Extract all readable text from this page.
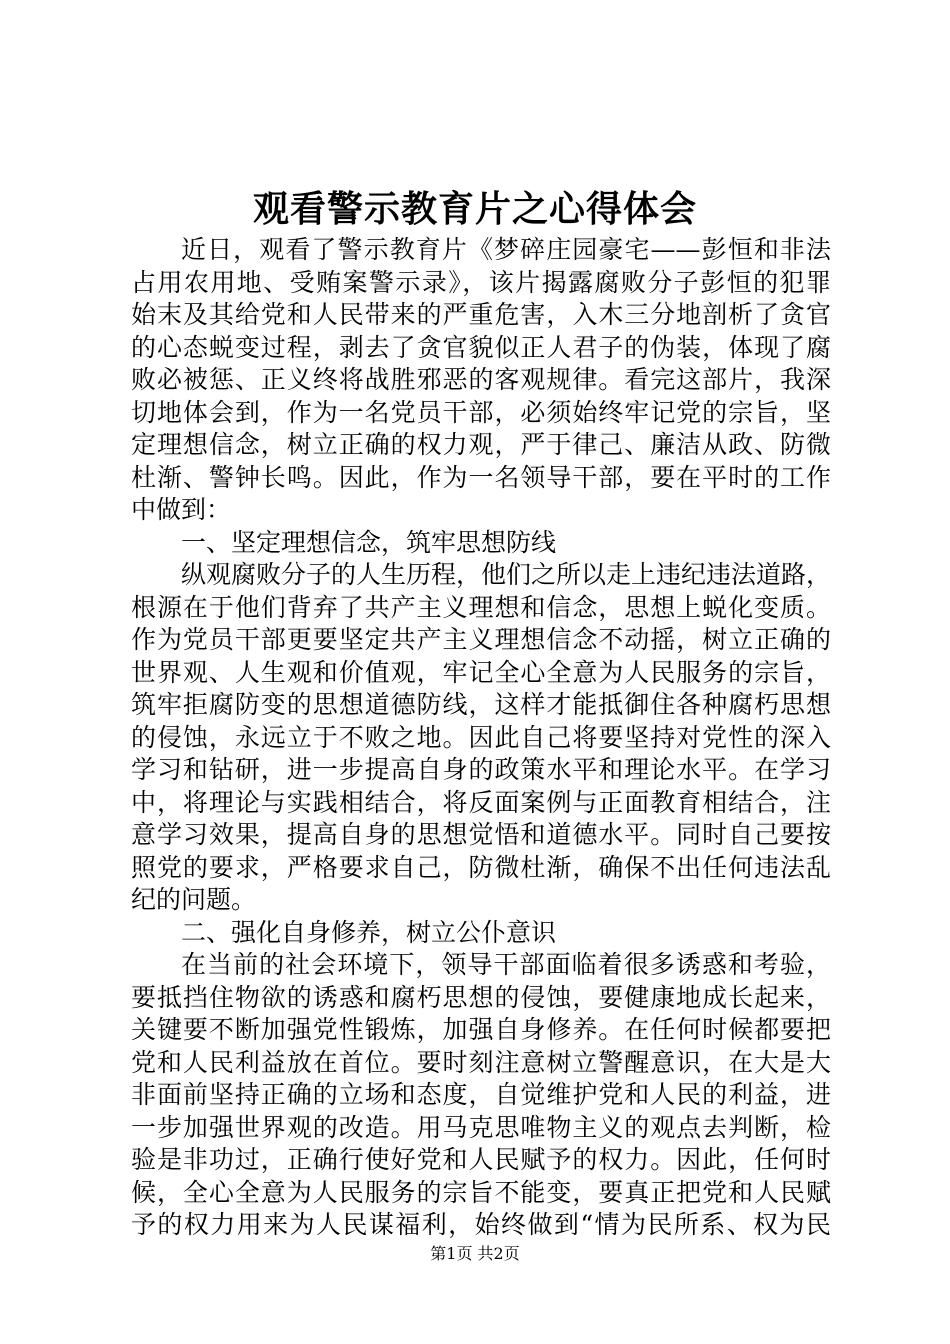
观看警示教育片之心得体会
近日，观看了警示教育片《梦碎庄园豪宅——彭恒和非法
占用农用地、受贿案警示录》，该片揭露腐败分子彭恒的犯罪
始末及其给党和人民带来的严重危害，入木三分地剖析了贪官
的心态蜕变过程，剥去了贪官貌似正人君子的伪装，体现了腐
败必被惩、正义终将战胜邪恶的客观规律。看完这部片，我深
切地体会到，作为一名党员干部，必须始终牢记党的宗旨，坚
定理想信念，树立正确的权力观，严于律己、廉洁从政、防微
杜渐、警钟长鸣。因此，作为一名领导干部，要在平时的工作
中做到：
一、坚定理想信念，筑牢思想防线
纵观腐败分子的人生历程，他们之所以走上违纪违法道路，
根源在于他们背弃了共产主义理想和信念，思想上蜕化变质。
作为党员干部更要坚定共产主义理想信念不动摇，树立正确的
世界观、人生观和价值观，牢记全心全意为人民服务的宗旨，
筑牢拒腐防变的思想道德防线，这样才能抵御住各种腐朽思想
的侵蚀，永远立于不败之地。因此自己将要坚持对党性的深入
学习和钻研，进一步提高自身的政策水平和理论水平。在学习
中，将理论与实践相结合，将反面案例与正面教育相结合，注
意学习效果，提高自身的思想觉悟和道德水平。同时自己要按
照党的要求，严格要求自己，防微杜渐，确保不出任何违法乱
纪的问题。
二、强化自身修养，树立公仆意识
在当前的社会环境下，领导干部面临着很多诱惑和考验，
要抵挡住物欲的诱惑和腐朽思想的侵蚀，要健康地成长起来，
关键要不断加强党性锻炼，加强自身修养。在任何时候都要把
党和人民利益放在首位。要时刻注意树立警醒意识，在大是大
非面前坚持正确的立场和态度，自觉维护党和人民的利益，进
一步加强世界观的改造。用马克思唯物主义的观点去判断，检
验是非功过，正确行使好党和人民赋予的权力。因此，任何时
候，全心全意为人民服务的宗旨不能变，要真正把党和人民赋
予的权力用来为人民谋福利，始终做到“情为民所系、权为民
第1页 共2页
